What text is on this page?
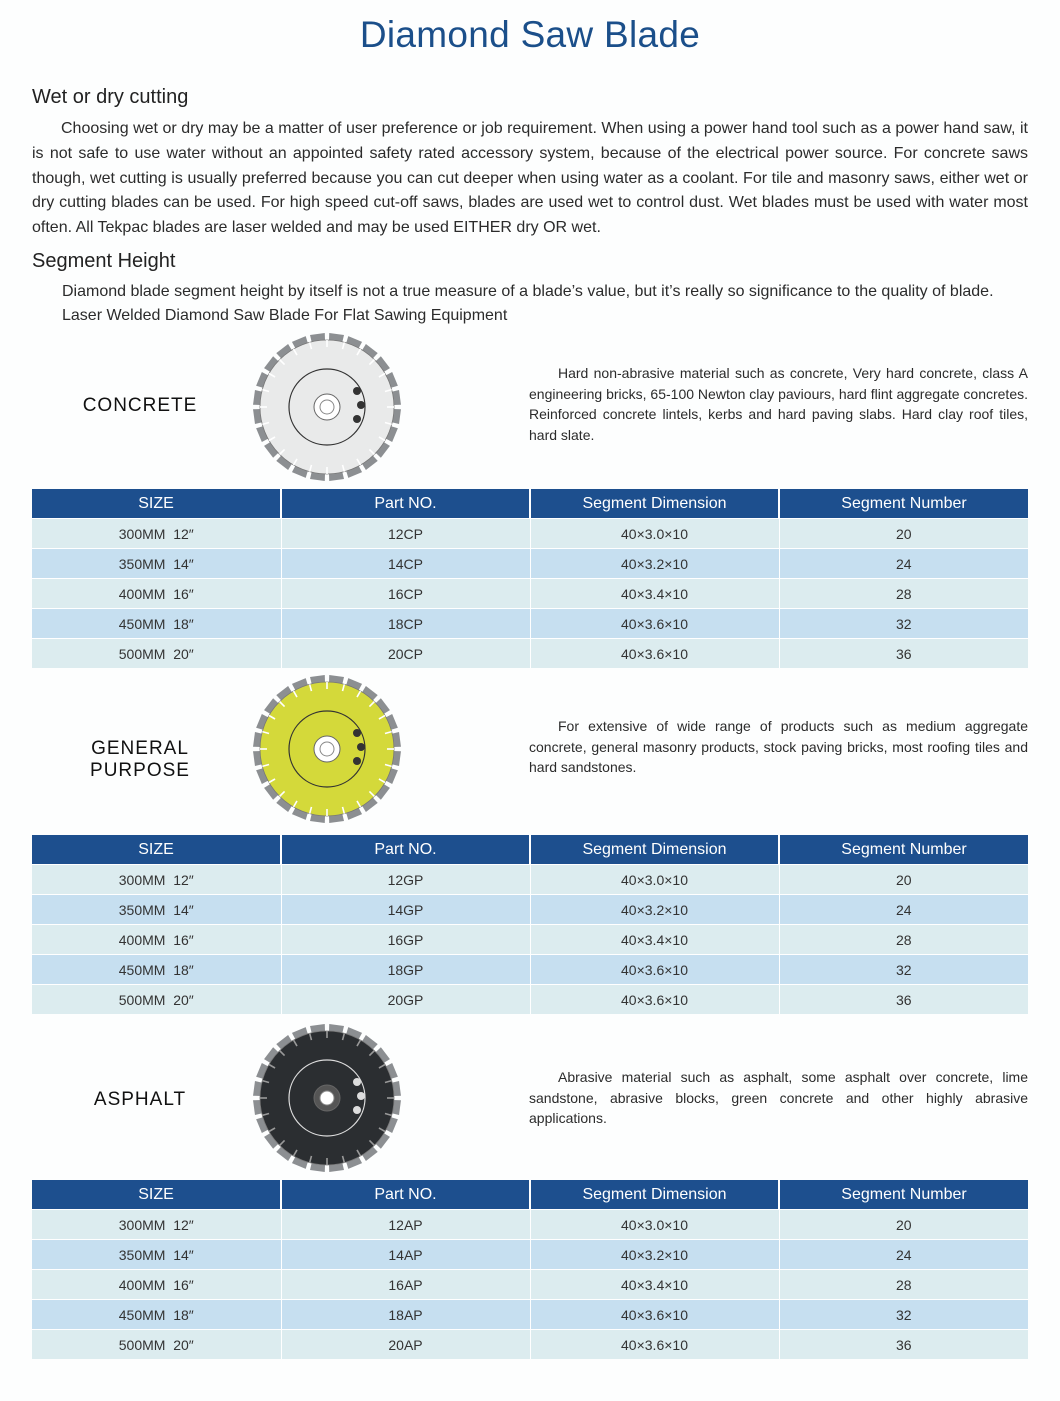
Diamond Saw Blade
Wet or dry cutting
Choosing wet or dry may be a matter of user preference or job requirement. When using a power hand tool such as a power hand saw, it is not safe to use water without an appointed safety rated accessory system, because of the electrical power source. For concrete saws though, wet cutting is usually preferred because you can cut deeper when using water as a coolant. For tile and masonry saws, either wet or dry cutting blades can be used. For high speed cut-off saws, blades are used wet to control dust. Wet blades must be used with water most often. All Tekpac blades are laser welded and may be used EITHER dry OR wet.
Segment Height
Diamond blade segment height by itself is not a true measure of a blade’s value, but it’s really so significance to the quality of blade.
Laser Welded Diamond Saw Blade For Flat Sawing Equipment
CONCRETE
Hard non-abrasive material such as concrete, Very hard concrete, class A engineering bricks, 65-100 Newton clay paviours, hard flint aggregate concretes. Reinforced concrete lintels, kerbs and hard paving slabs. Hard clay roof tiles, hard slate.
SIZE	Part NO.	Segment Dimension	Segment Number
300MM  12″	12CP	40×3.0×10	20
350MM  14″	14CP	40×3.2×10	24
400MM  16″	16CP	40×3.4×10	28
450MM  18″	18CP	40×3.6×10	32
500MM  20″	20CP	40×3.6×10	36
GENERAL PURPOSE
For extensive of wide range of products such as medium aggregate concrete, general masonry products, stock paving bricks, most roofing tiles and hard sandstones.
SIZE	Part NO.	Segment Dimension	Segment Number
300MM  12″	12GP	40×3.0×10	20
350MM  14″	14GP	40×3.2×10	24
400MM  16″	16GP	40×3.4×10	28
450MM  18″	18GP	40×3.6×10	32
500MM  20″	20GP	40×3.6×10	36
ASPHALT
Abrasive material such as asphalt, some asphalt over concrete, lime sandstone, abrasive blocks, green concrete and other highly abrasive applications.
SIZE	Part NO.	Segment Dimension	Segment Number
300MM  12″	12AP	40×3.0×10	20
350MM  14″	14AP	40×3.2×10	24
400MM  16″	16AP	40×3.4×10	28
450MM  18″	18AP	40×3.6×10	32
500MM  20″	20AP	40×3.6×10	36
